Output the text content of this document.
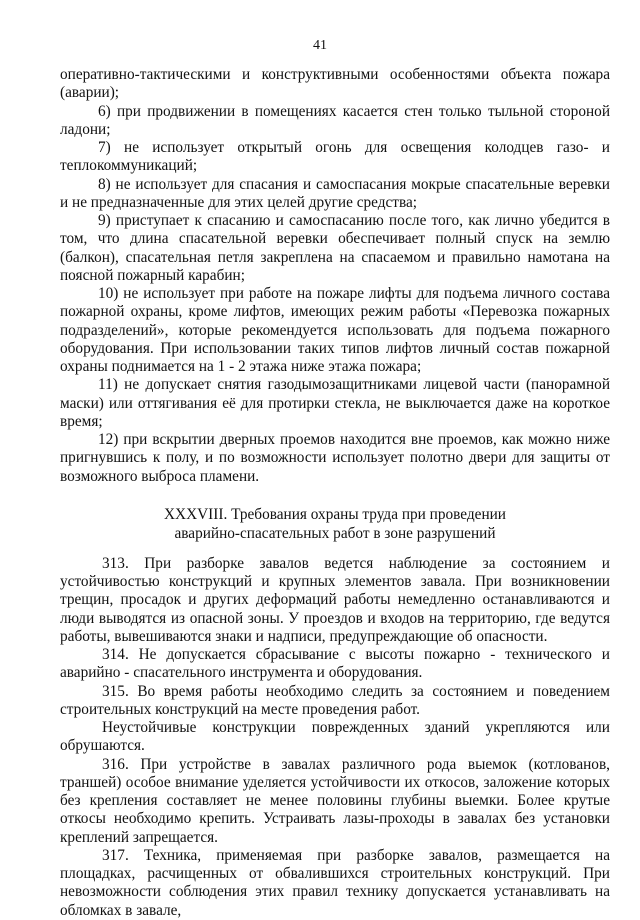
41

оперативно-тактическими и конструктивными особенностями объекта пожара (аварии);

6) при продвижении в помещениях касается стен только тыльной стороной ладони;

7) не использует открытый огонь для освещения колодцев газо- и теплокоммуникаций;

8) не использует для спасания и самоспасания мокрые спасательные веревки и не предназначенные для этих целей другие средства;

9) приступает к спасанию и самоспасанию после того, как лично убедится в том, что длина спасательной веревки обеспечивает полный спуск на землю (балкон), спасательная петля закреплена на спасаемом и правильно намотана на поясной пожарный карабин;

10) не использует при работе на пожаре лифты для подъема личного состава пожарной охраны, кроме лифтов, имеющих режим работы «Перевозка пожарных подразделений», которые рекомендуется использовать для подъема пожарного оборудования. При использовании таких типов лифтов личный состав пожарной охраны поднимается на 1 - 2 этажа ниже этажа пожара;

11) не допускает снятия газодымозащитниками лицевой части (панорамной маски) или оттягивания её для протирки стекла, не выключается даже на короткое время;

12) при вскрытии дверных проемов находится вне проемов, как можно ниже пригнувшись к полу, и по возможности использует полотно двери для защиты от возможного выброса пламени.

XXXVIII. Требования охраны труда при проведении
аварийно-спасательных работ в зоне разрушений

313. При разборке завалов ведется наблюдение за состоянием и устойчивостью конструкций и крупных элементов завала. При возникновении трещин, просадок и других деформаций работы немедленно останавливаются и люди выводятся из опасной зоны. У проездов и входов на территорию, где ведутся работы, вывешиваются знаки и надписи, предупреждающие об опасности.

314. Не допускается сбрасывание с высоты пожарно - технического и аварийно - спасательного инструмента и оборудования.

315. Во время работы необходимо следить за состоянием и поведением строительных конструкций на месте проведения работ.

Неустойчивые конструкции поврежденных зданий укрепляются или обрушаются.

316. При устройстве в завалах различного рода выемок (котлованов, траншей) особое внимание уделяется устойчивости их откосов, заложение которых без крепления составляет не менее половины глубины выемки. Более крутые откосы необходимо крепить. Устраивать лазы-проходы в завалах без установки креплений запрещается.

317. Техника, применяемая при разборке завалов, размещается на площадках, расчищенных от обвалившихся строительных конструкций. При невозможности соблюдения этих правил технику допускается устанавливать на обломках в завале,
